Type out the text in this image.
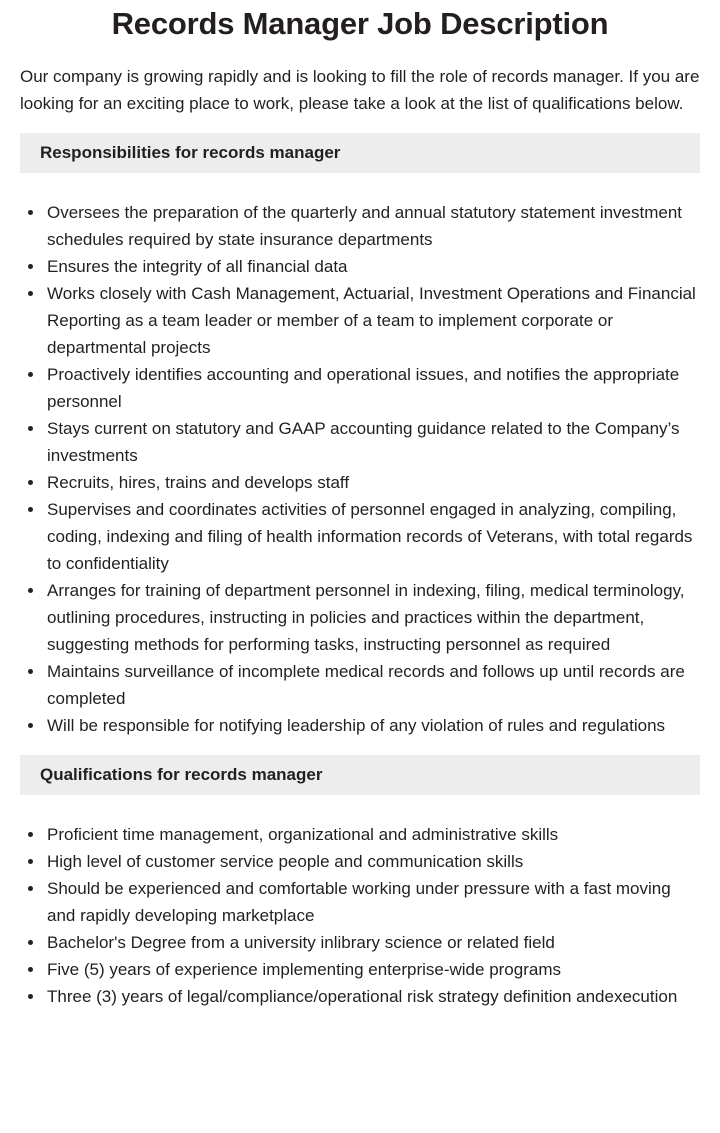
Records Manager Job Description

Our company is growing rapidly and is looking to fill the role of records manager. If you are looking for an exciting place to work, please take a look at the list of qualifications below.

Responsibilities for records manager
• Oversees the preparation of the quarterly and annual statutory statement investment schedules required by state insurance departments
• Ensures the integrity of all financial data
• Works closely with Cash Management, Actuarial, Investment Operations and Financial Reporting as a team leader or member of a team to implement corporate or departmental projects
• Proactively identifies accounting and operational issues, and notifies the appropriate personnel
• Stays current on statutory and GAAP accounting guidance related to the Company’s investments
• Recruits, hires, trains and develops staff
• Supervises and coordinates activities of personnel engaged in analyzing, compiling, coding, indexing and filing of health information records of Veterans, with total regards to confidentiality
• Arranges for training of department personnel in indexing, filing, medical terminology, outlining procedures, instructing in policies and practices within the department, suggesting methods for performing tasks, instructing personnel as required
• Maintains surveillance of incomplete medical records and follows up until records are completed
• Will be responsible for notifying leadership of any violation of rules and regulations
Qualifications for records manager
• Proficient time management, organizational and administrative skills
• High level of customer service people and communication skills
• Should be experienced and comfortable working under pressure with a fast moving and rapidly developing marketplace
• Bachelor's Degree from a university inlibrary science or related field
• Five (5) years of experience implementing enterprise-wide programs
• Three (3) years of legal/compliance/operational risk strategy definition andexecution
